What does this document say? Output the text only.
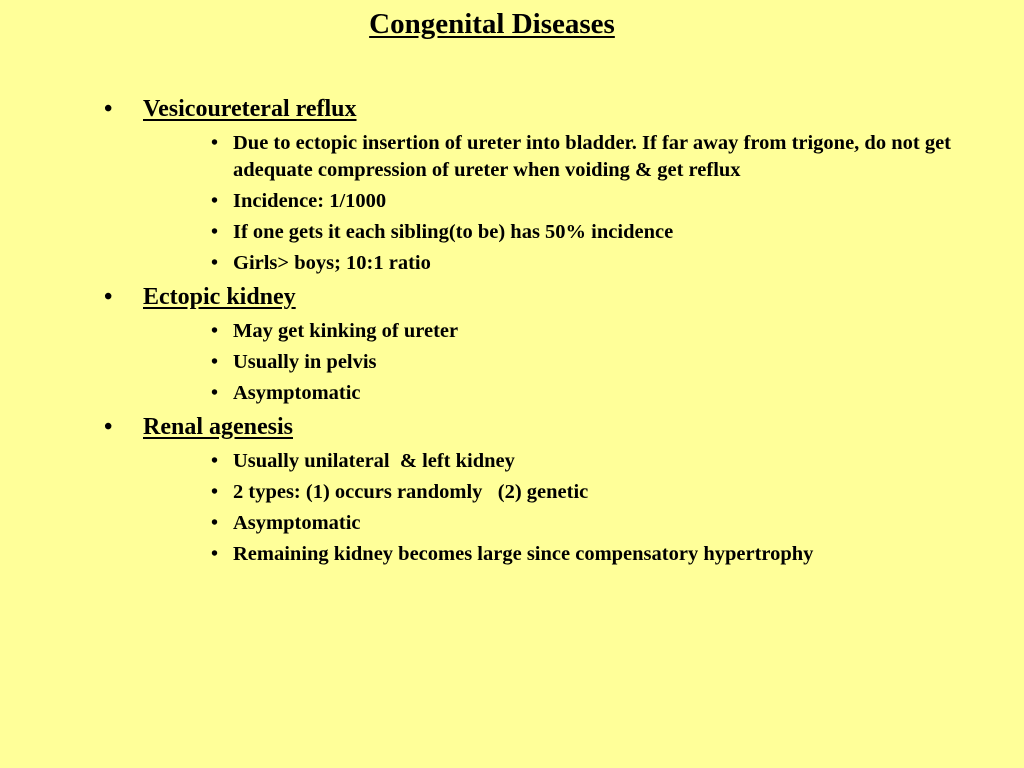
Congenital Diseases
• Vesicoureteral reflux
• Due to ectopic insertion of ureter into bladder. If far away from trigone, do not get adequate compression of ureter when voiding & get reflux
• Incidence: 1/1000
• If one gets it each sibling(to be) has 50% incidence
• Girls> boys; 10:1 ratio
• Ectopic kidney
• May get kinking of ureter
• Usually in pelvis
• Asymptomatic
• Renal agenesis
• Usually unilateral  & left kidney
• 2 types: (1) occurs randomly   (2) genetic
• Asymptomatic
• Remaining kidney becomes large since compensatory hypertrophy
